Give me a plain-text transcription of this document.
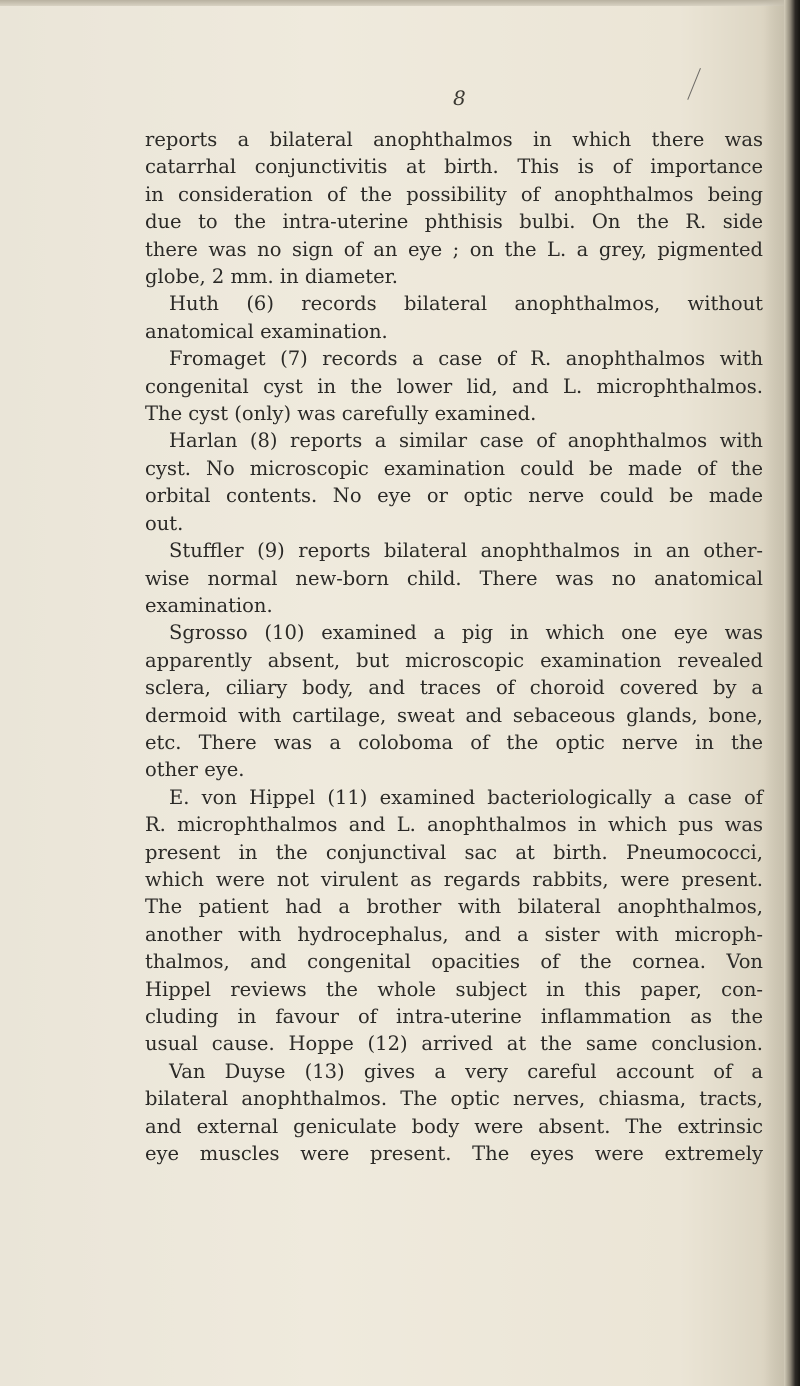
8
reports a bilateral anophthalmos in which there was
catarrhal conjunctivitis at birth. This is of importance
in consideration of the possibility of anophthalmos being
due to the intra-uterine phthisis bulbi. On the R. side
there was no sign of an eye ; on the L. a grey, pigmented
globe, 2 mm. in diameter.
Huth (6) records bilateral anophthalmos, without
anatomical examination.
Fromaget (7) records a case of R. anophthalmos with
congenital cyst in the lower lid, and L. microphthalmos.
The cyst (only) was carefully examined.
Harlan (8) reports a similar case of anophthalmos with
cyst. No microscopic examination could be made of the
orbital contents. No eye or optic nerve could be made
out.
Stuffler (9) reports bilateral anophthalmos in an other-
wise normal new-born child. There was no anatomical
examination.
Sgrosso (10) examined a pig in which one eye was
apparently absent, but microscopic examination revealed
sclera, ciliary body, and traces of choroid covered by a
dermoid with cartilage, sweat and sebaceous glands, bone,
etc. There was a coloboma of the optic nerve in the
other eye.
E. von Hippel (11) examined bacteriologically a case of
R. microphthalmos and L. anophthalmos in which pus was
present in the conjunctival sac at birth. Pneumococci,
which were not virulent as regards rabbits, were present.
The patient had a brother with bilateral anophthalmos,
another with hydrocephalus, and a sister with microph-
thalmos, and congenital opacities of the cornea. Von
Hippel reviews the whole subject in this paper, con-
cluding in favour of intra-uterine inflammation as the
usual cause. Hoppe (12) arrived at the same conclusion.
Van Duyse (13) gives a very careful account of a
bilateral anophthalmos. The optic nerves, chiasma, tracts,
and external geniculate body were absent. The extrinsic
eye muscles were present. The eyes were extremely
